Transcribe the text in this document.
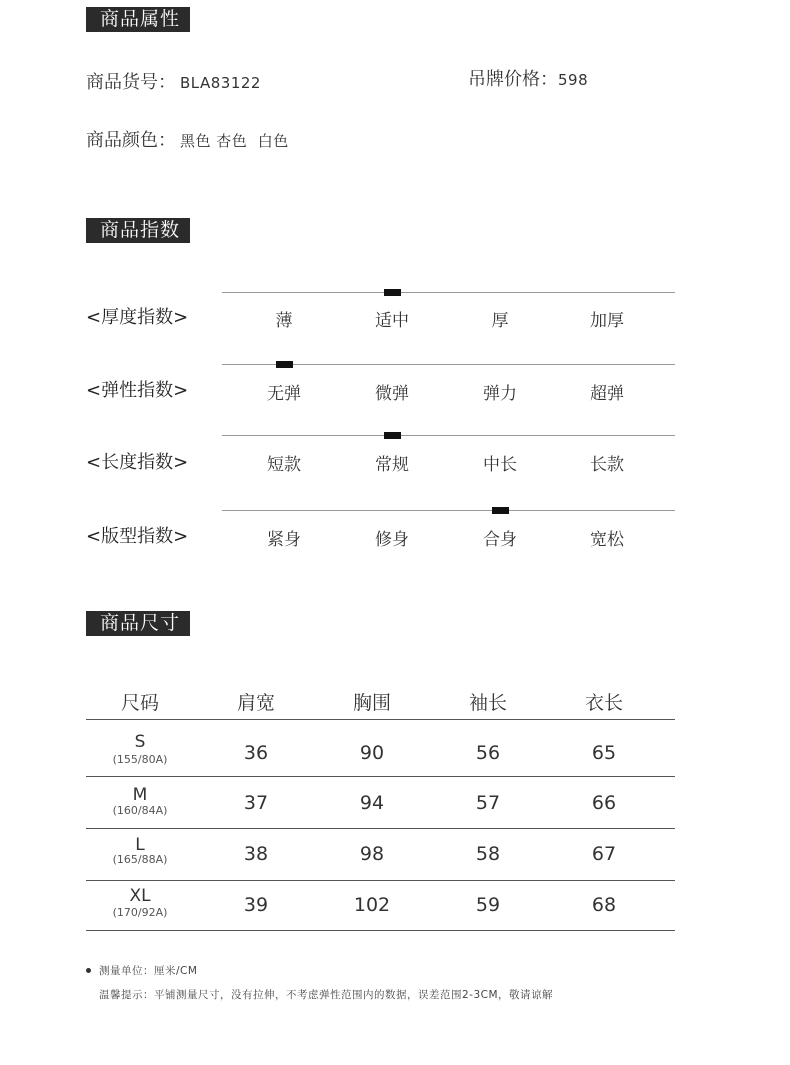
商品属性
商品货号： BLA83122	吊牌价格：598
商品颜色： 黑色 杏色  白色
商品指数
<厚度指数>	薄	适中	厚	加厚
<弹性指数>	无弹	微弹	弹力	超弹
<长度指数>	短款	常规	中长	长款
<版型指数>	紧身	修身	合身	宽松
商品尺寸
尺码	肩宽	胸围	袖长	衣长
S
(155/80A)	36	90	56	65
M
(160/84A)	37	94	57	66
L
(165/88A)	38	98	58	67
XL
(170/92A)	39	102	59	68
测量单位：厘米/CM
温馨提示：平铺测量尺寸，没有拉伸，不考虑弹性范围内的数据，误差范围2-3CM，敬请谅解
